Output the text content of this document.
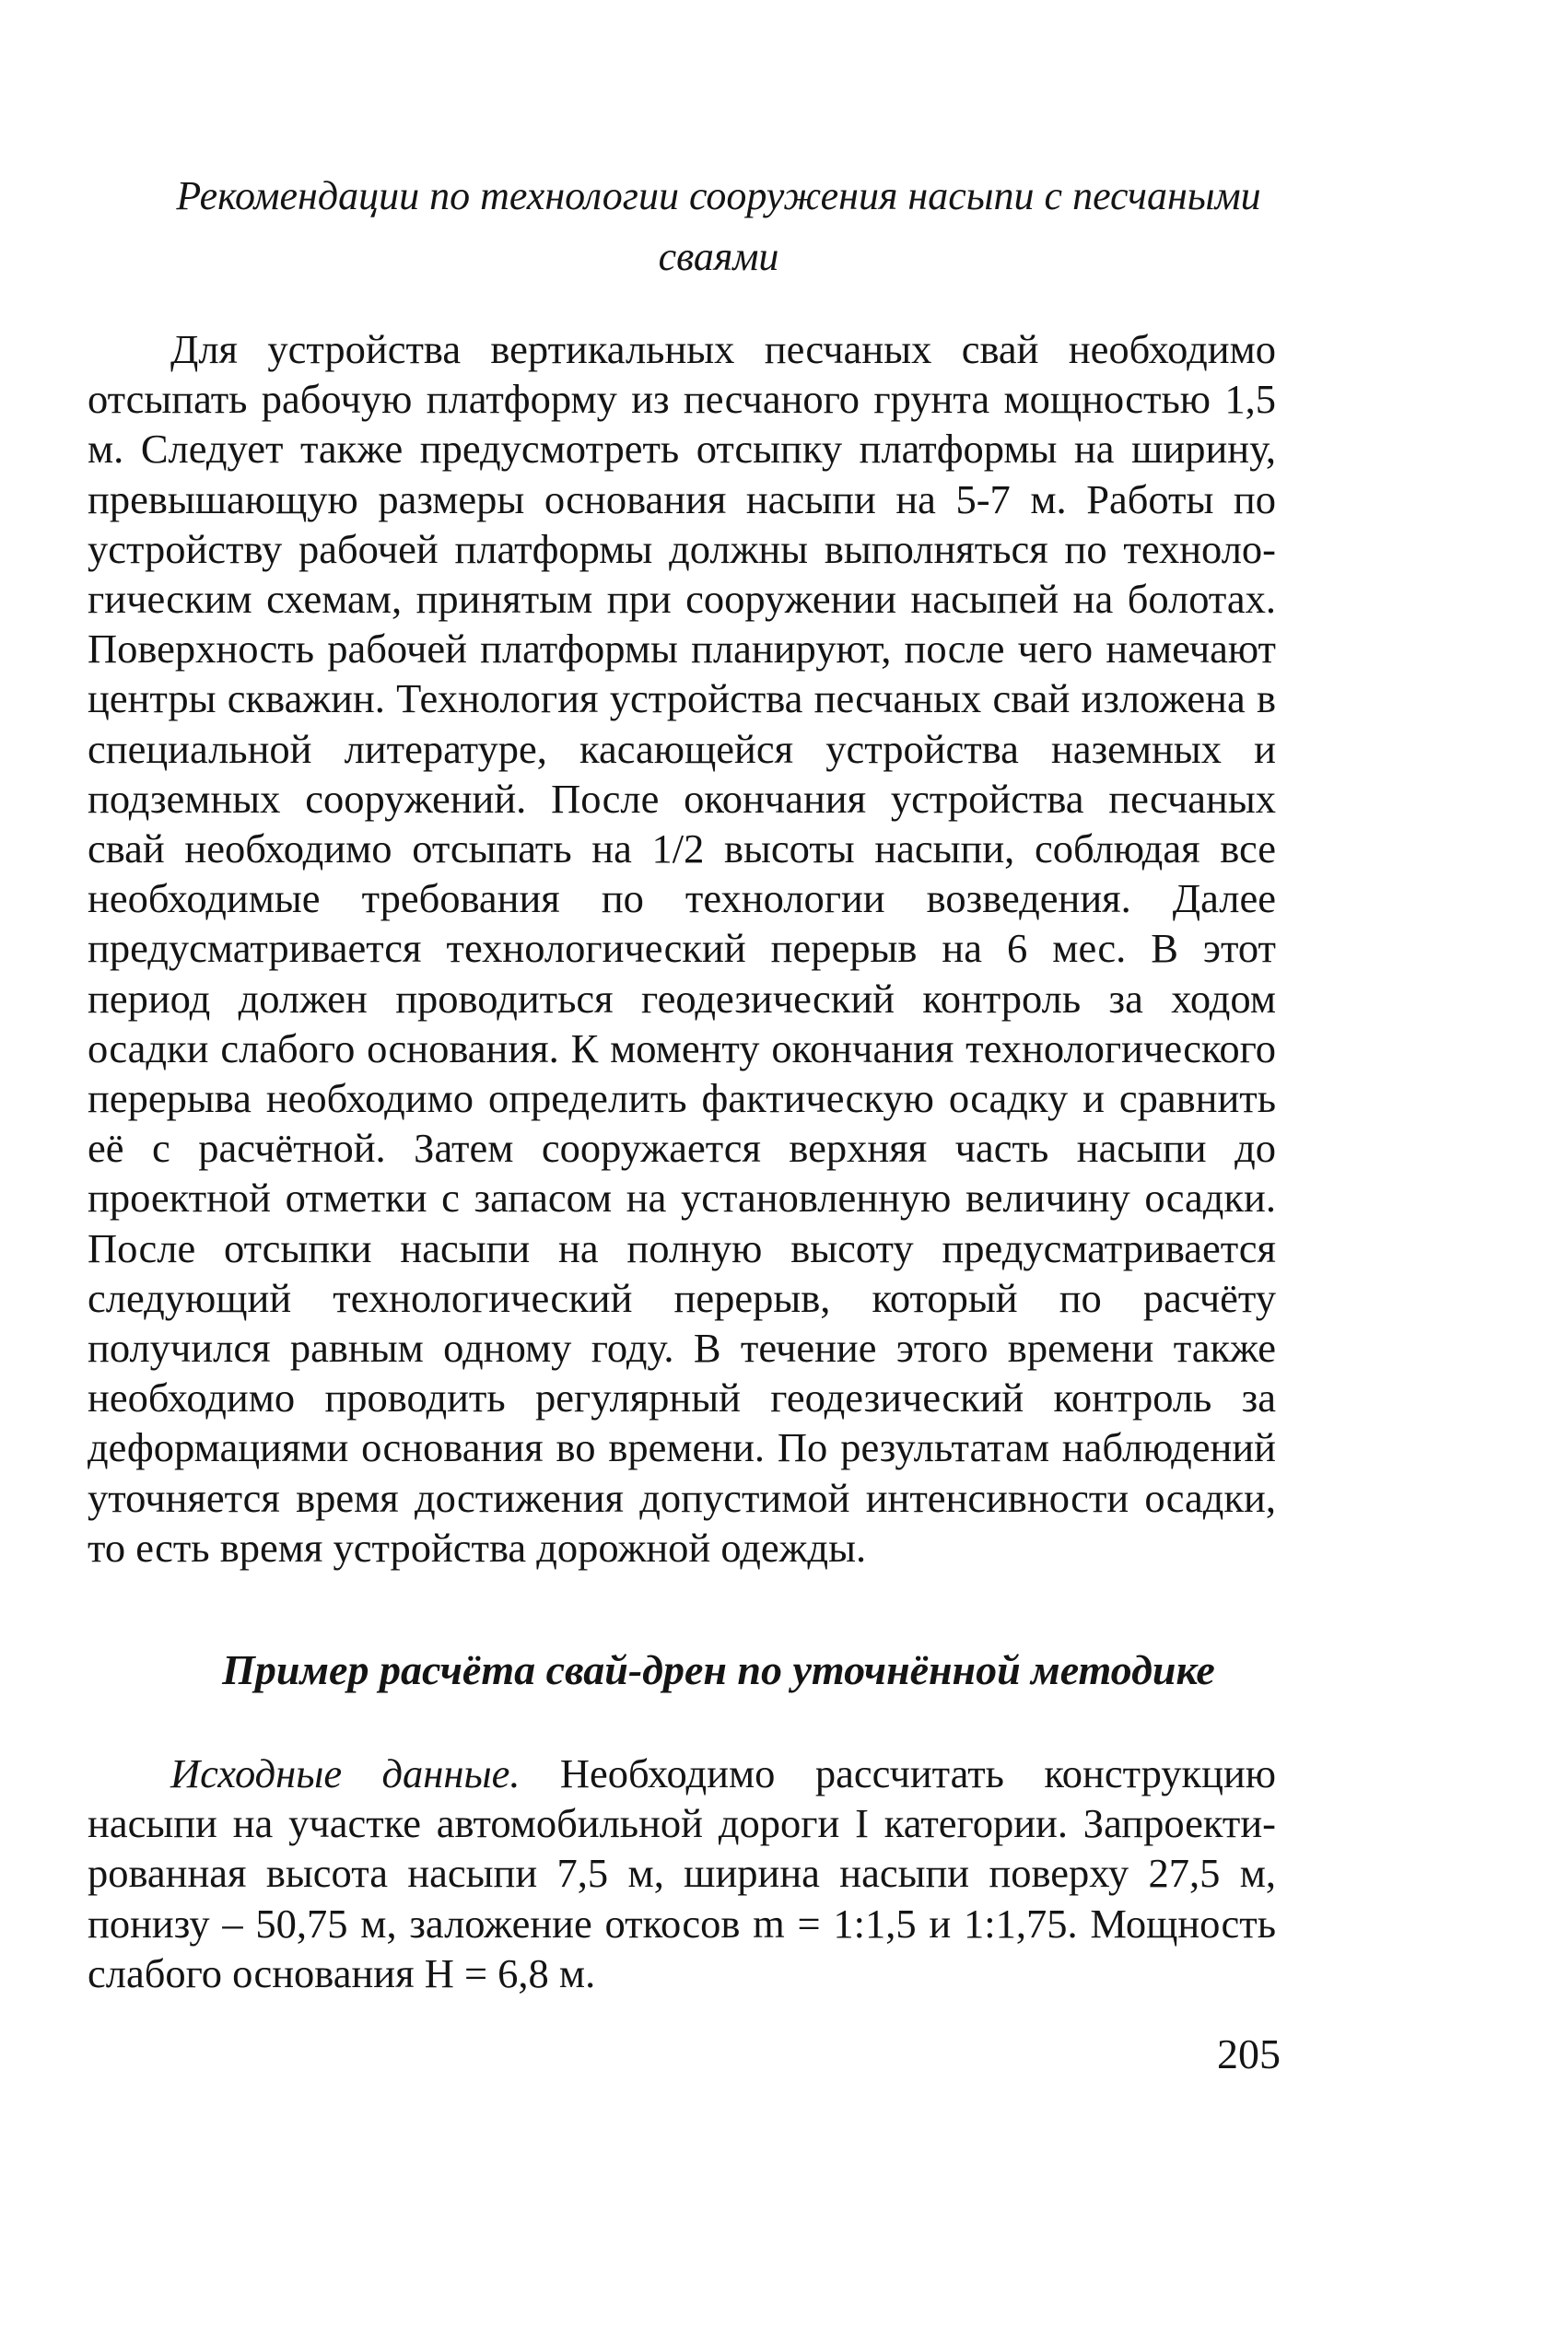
Рекомендации по технологии сооружения насыпи с песчаными
сваями

Для устройства вертикальных песчаных свай необходимо отсыпать рабочую платформу из песчаного грунта мощностью 1,5 м. Следует также предусмотреть отсыпку платформы на ширину, превышающую размеры основания насыпи на 5-7 м. Работы по устройству рабочей платформы должны выполняться по технологическим схемам, принятым при сооружении насыпей на болотах. Поверхность рабочей платформы планируют, после чего намечают центры скважин. Технология устройства песчаных свай изложена в специальной литературе, касающейся устройства наземных и подземных сооружений. После окончания устройства песчаных свай необходимо отсыпать на 1/2 высоты насыпи, соблюдая все необходимые требования по технологии возведения. Далее предусматривается технологический перерыв на 6 мес. В этот период должен проводиться геодезический контроль за ходом осадки слабого основания. К моменту окончания технологического перерыва необходимо определить фактическую осадку и сравнить её с расчётной. Затем сооружается верхняя часть насыпи до проектной отметки с запасом на установленную величину осадки. После отсыпки насыпи на полную высоту предусматривается следующий технологический перерыв, который по расчёту получился равным одному году. В течение этого времени также необходимо проводить регулярный геодезический контроль за деформациями основания во времени. По результатам наблюдений уточняется время достижения допустимой интенсивности осадки, то есть время устройства дорожной одежды.

Пример расчёта свай-дрен по уточнённой методике

Исходные данные. Необходимо рассчитать конструкцию насыпи на участке автомобильной дороги I категории. Запроектированная высота насыпи 7,5 м, ширина насыпи поверху 27,5 м, понизу – 50,75 м, заложение откосов m = 1:1,5 и 1:1,75. Мощность слабого основания Н = 6,8 м.

205
